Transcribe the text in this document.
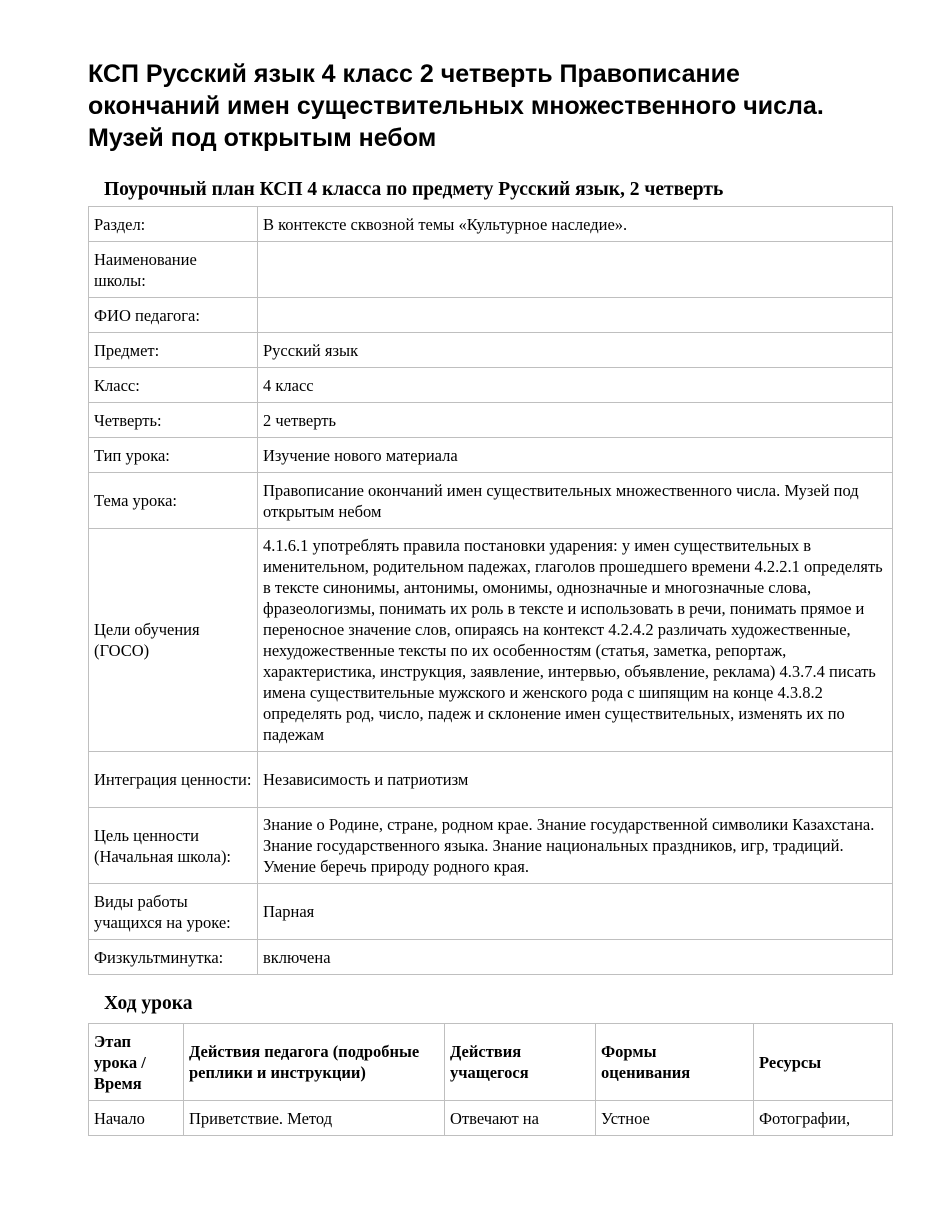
КСП Русский язык 4 класс 2 четверть Правописание окончаний имен существительных множественного числа. Музей под открытым небом
Поурочный план КСП 4 класса по предмету Русский язык, 2 четверть
Раздел:	В контексте сквозной темы «Культурное наследие».
Наименование школы:	
ФИО педагога:	
Предмет:	Русский язык
Класс:	4 класс
Четверть:	2 четверть
Тип урока:	Изучение нового материала
Тема урока:	Правописание окончаний имен существительных множественного числа. Музей под открытым небом
Цели обучения (ГОСО)	4.1.6.1 употреблять правила постановки ударения: у имен существительных в именительном, родительном падежах, глаголов прошедшего времени 4.2.2.1 определять в тексте синонимы, антонимы, омонимы, однозначные и многозначные слова, фразеологизмы, понимать их роль в тексте и использовать в речи, понимать прямое и переносное значение слов, опираясь на контекст 4.2.4.2 различать художественные, нехудожественные тексты по их особенностям (статья, заметка, репортаж, характеристика, инструкция, заявление, интервью, объявление, реклама) 4.3.7.4 писать имена существительные мужского и женского рода с шипящим на конце 4.3.8.2 определять род, число, падеж и склонение имен существительных, изменять их по падежам
Интеграция ценности:	Независимость и патриотизм
Цель ценности (Начальная школа):	Знание о Родине, стране, родном крае. Знание государственной символики Казахстана. Знание государственного языка. Знание национальных праздников, игр, традиций. Умение беречь природу родного края.
Виды работы учащихся на уроке:	Парная
Физкультминутка:	включена
Ход урока
Этап урока / Время	Действия педагога (подробные реплики и инструкции)	Действия учащегося	Формы оценивания	Ресурсы
Начало	Приветствие. Метод	Отвечают на	Устное	Фотографии,
